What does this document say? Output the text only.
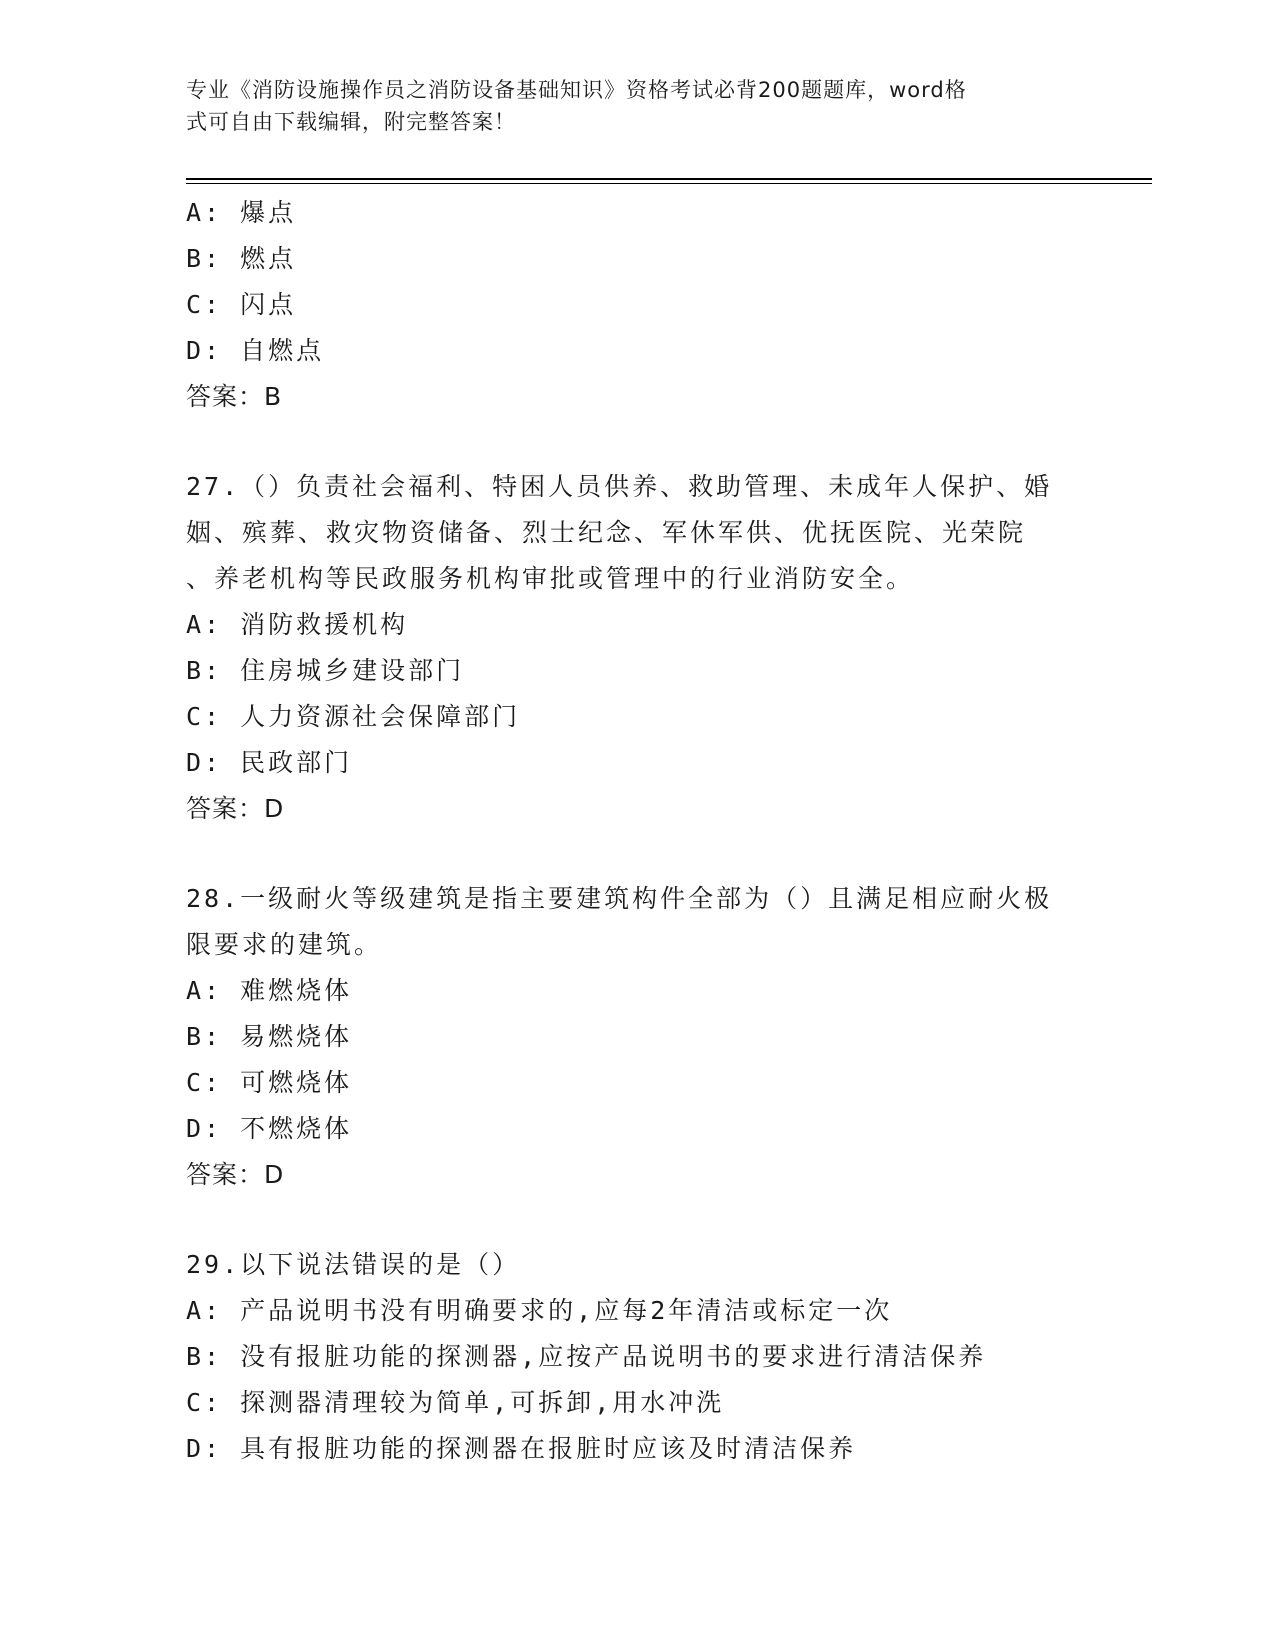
专业《消防设施操作员之消防设备基础知识》资格考试必背200题题库，word格
式可自由下载编辑，附完整答案！
A: 爆点
B: 燃点
C: 闪点
D: 自燃点
答案：B
27.（）负责社会福利、特困人员供养、救助管理、未成年人保护、婚
姻、殡葬、救灾物资储备、烈士纪念、军休军供、优抚医院、光荣院
、养老机构等民政服务机构审批或管理中的行业消防安全。
A: 消防救援机构
B: 住房城乡建设部门
C: 人力资源社会保障部门
D: 民政部门
答案：D
28.一级耐火等级建筑是指主要建筑构件全部为（）且满足相应耐火极
限要求的建筑。
A: 难燃烧体
B: 易燃烧体
C: 可燃烧体
D: 不燃烧体
答案：D
29.以下说法错误的是（）
A: 产品说明书没有明确要求的,应每2年清洁或标定一次
B: 没有报脏功能的探测器,应按产品说明书的要求进行清洁保养
C: 探测器清理较为简单,可拆卸,用水冲洗
D: 具有报脏功能的探测器在报脏时应该及时清洁保养
